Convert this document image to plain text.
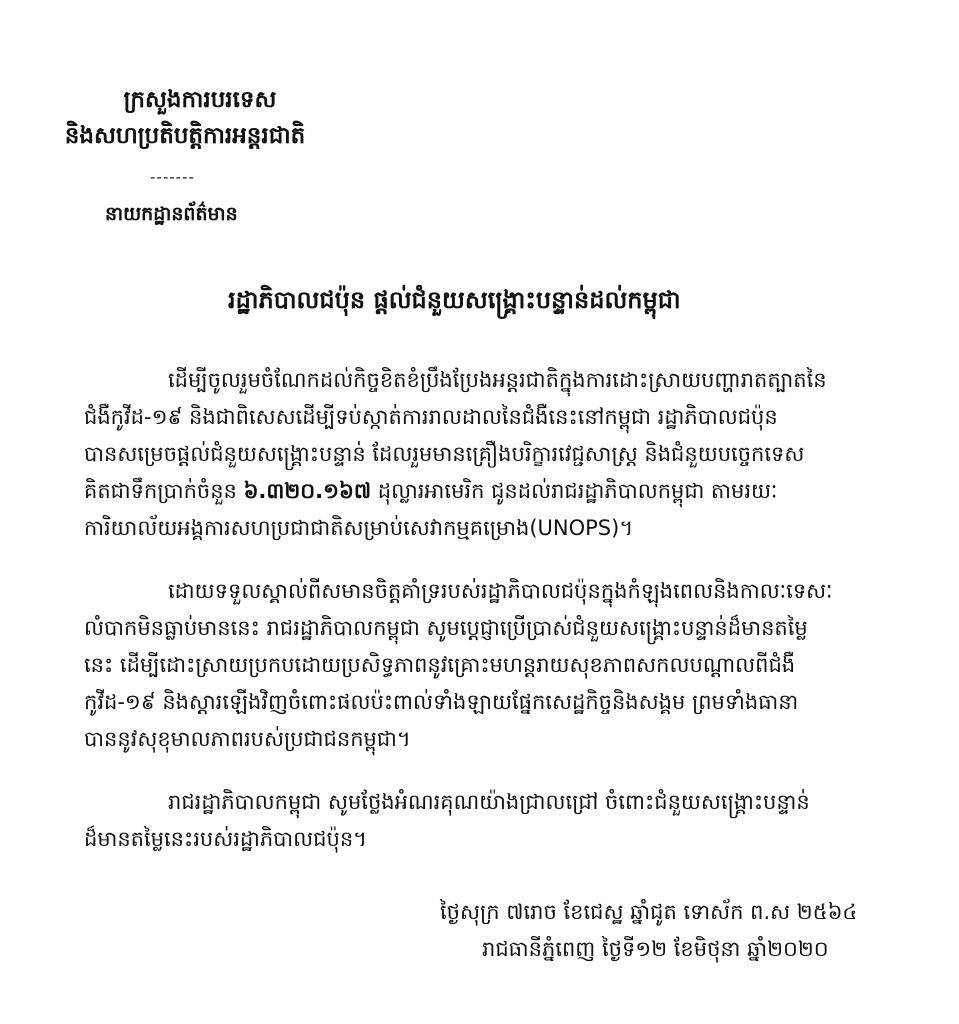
ក្រសួងការបរទេស
និងសហប្រតិបត្តិការអន្តរជាតិ
-------
នាយកដ្ឋានព័ត៌មាន
រដ្ឋាភិបាលជប៉ុន ផ្តល់ជំនួយសង្គ្រោះបន្ទាន់ដល់កម្ពុជា

ដើម្បីចូលរួមចំណែកដល់កិច្ចខិតខំប្រឹងប្រែងអន្តរជាតិក្នុងការដោះស្រាយបញ្ហារាតត្បាតនៃ
ជំងឺកូវីដ-១៩ និងជាពិសេសដើម្បីទប់ស្កាត់ការរាលដាលនៃជំងឺនេះនៅកម្ពុជា រដ្ឋាភិបាលជប៉ុន
បានសម្រេចផ្តល់ជំនួយសង្គ្រោះបន្ទាន់ ដែលរួមមានគ្រឿងបរិក្ខារវេជ្ជសាស្ត្រ និងជំនួយបច្ចេកទេស
គិតជាទឹកប្រាក់ចំនួន ៦.៣២០.១៦៧ ដុល្លារអាមេរិក ជូនដល់រាជរដ្ឋាភិបាលកម្ពុជា តាមរយៈ
ការិយាល័យអង្គការសហប្រជាជាតិសម្រាប់សេវាកម្មគម្រោង(UNOPS)។

ដោយទទួលស្គាល់ពីសមានចិត្តគាំទ្ររបស់រដ្ឋាភិបាលជប៉ុនក្នុងកំឡុងពេលនិងកាលៈទេសៈ
លំបាកមិនធ្លាប់មាននេះ រាជរដ្ឋាភិបាលកម្ពុជា សូមប្តេជ្ញាប្រើប្រាស់ជំនួយសង្គ្រោះបន្ទាន់ដ៏មានតម្លៃ
នេះ ដើម្បីដោះស្រាយប្រកបដោយប្រសិទ្ធភាពនូវគ្រោះមហន្តរាយសុខភាពសកលបណ្តាលពីជំងឺ
កូវីដ-១៩ និងស្តារឡើងវិញចំពោះផលប៉ះពាល់ទាំងឡាយផ្នែកសេដ្ឋកិច្ចនិងសង្គម ព្រមទាំងធានា
បាននូវសុខុមាលភាពរបស់ប្រជាជនកម្ពុជា។

រាជរដ្ឋាភិបាលកម្ពុជា សូមថ្លែងអំណរគុណយ៉ាងជ្រាលជ្រៅ ចំពោះជំនួយសង្គ្រោះបន្ទាន់
ដ៏មានតម្លៃនេះរបស់រដ្ឋាភិបាលជប៉ុន។

ថ្ងៃសុក្រ ៧រោច ខែជេស្ឋ ឆ្នាំជូត ទោស័ក ព.ស ២៥៦៤
រាជធានីភ្នំពេញ ថ្ងៃទី១២ ខែមិថុនា ឆ្នាំ២០២០
